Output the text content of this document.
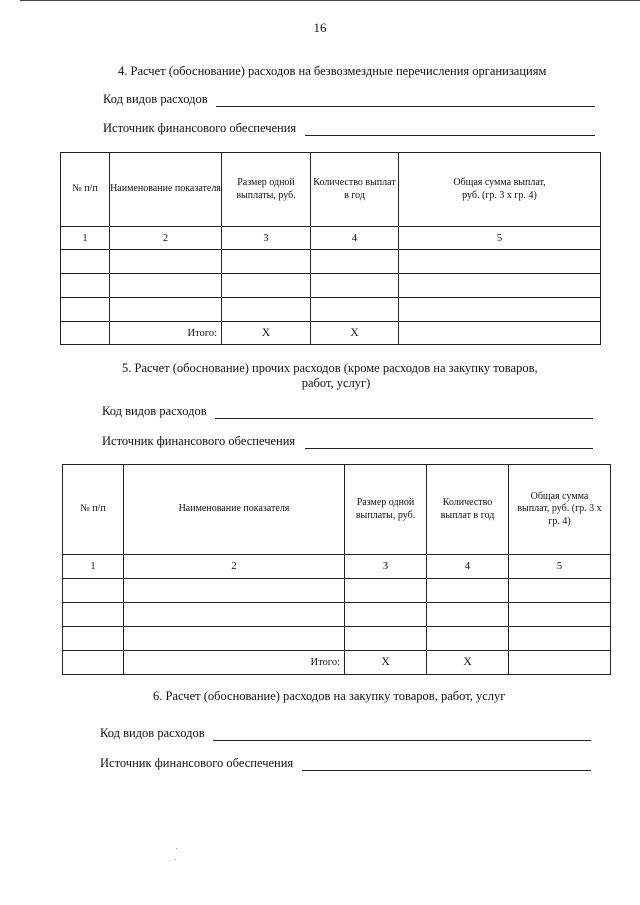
16
4. Расчет (обоснование) расходов на безвозмездные перечисления организациям
Код видов расходов
Источник финансового обеспечения
№ п/п	Наименование показателя	Размер одной выплаты, руб.	Количество выплат в год	Общая сумма выплат, руб. (гр. 3 х гр. 4)
1	2	3	4	5

	Итого:	Х	Х	
5. Расчет (обоснование) прочих расходов (кроме расходов на закупку товаров,
работ, услуг)
Код видов расходов
Источник финансового обеспечения
№ п/п	Наименование показателя	Размер одной выплаты, руб.	Количество выплат в год	Общая сумма выплат, руб. (гр. 3 х гр. 4)
1	2	3	4	5

	Итого:	Х	Х	
6. Расчет (обоснование) расходов на закупку товаров, работ, услуг
Код видов расходов
Источник финансового обеспечения
